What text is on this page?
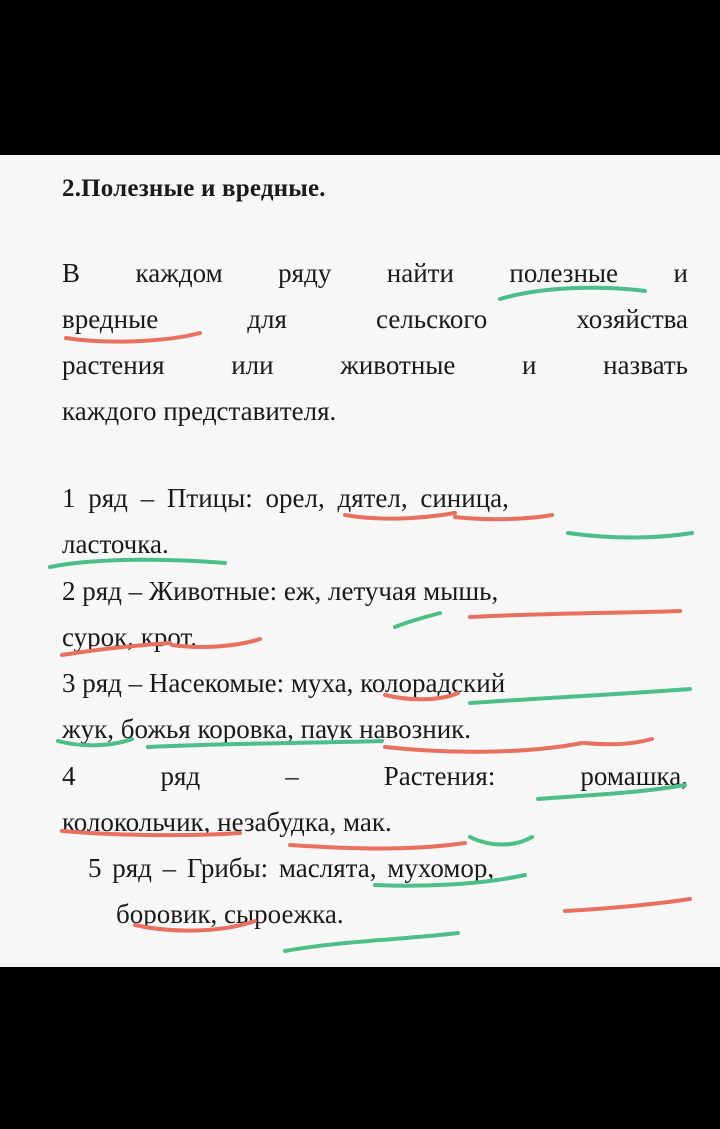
2.Полезные и вредные.
В каждом ряду найти полезные и
вредные	для	сельского	хозяйства
растения или животные и назвать
каждого представителя.
1 ряд – Птицы: орел, дятел, синица,
ласточка.
2 ряд – Животные: еж, летучая мышь,
сурок, крот.
3 ряд – Насекомые: муха, колорадский
жук, божья коровка, паук навозник.
4	ряд	–	Растения:	ромашка,
колокольчик, незабудка, мак.
5 ряд – Грибы: маслята, мухомор,
боровик, сыроежка.
